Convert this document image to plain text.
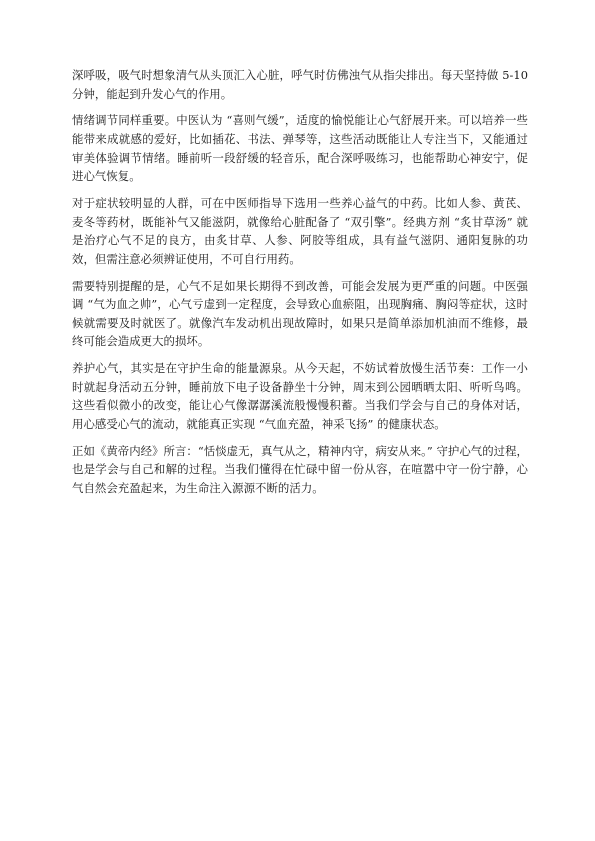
深呼吸，吸气时想象清气从头顶汇入心脏，呼气时仿佛浊气从指尖排出。每天坚持做 5-10 分钟，能起到升发心气的作用。

情绪调节同样重要。中医认为 “喜则气缓”，适度的愉悦能让心气舒展开来。可以培养一些能带来成就感的爱好，比如插花、书法、弹琴等，这些活动既能让人专注当下，又能通过审美体验调节情绪。睡前听一段舒缓的轻音乐，配合深呼吸练习，也能帮助心神安宁，促进心气恢复。

对于症状较明显的人群，可在中医师指导下选用一些养心益气的中药。比如人参、黄芪、麦冬等药材，既能补气又能滋阴，就像给心脏配备了 “双引擎”。经典方剂 “炙甘草汤” 就是治疗心气不足的良方，由炙甘草、人参、阿胶等组成，具有益气滋阴、通阳复脉的功效，但需注意必须辨证使用，不可自行用药。

需要特别提醒的是，心气不足如果长期得不到改善，可能会发展为更严重的问题。中医强调 “气为血之帅”，心气亏虚到一定程度，会导致心血瘀阻，出现胸痛、胸闷等症状，这时候就需要及时就医了。就像汽车发动机出现故障时，如果只是简单添加机油而不维修，最终可能会造成更大的损坏。

养护心气，其实是在守护生命的能量源泉。从今天起，不妨试着放慢生活节奏：工作一小时就起身活动五分钟，睡前放下电子设备静坐十分钟，周末到公园晒晒太阳、听听鸟鸣。这些看似微小的改变，能让心气像潺潺溪流般慢慢积蓄。当我们学会与自己的身体对话，用心感受心气的流动，就能真正实现 “气血充盈，神采飞扬” 的健康状态。

正如《黄帝内经》所言：“恬惔虚无，真气从之，精神内守，病安从来。” 守护心气的过程，也是学会与自己和解的过程。当我们懂得在忙碌中留一份从容，在喧嚣中守一份宁静，心气自然会充盈起来，为生命注入源源不断的活力。
